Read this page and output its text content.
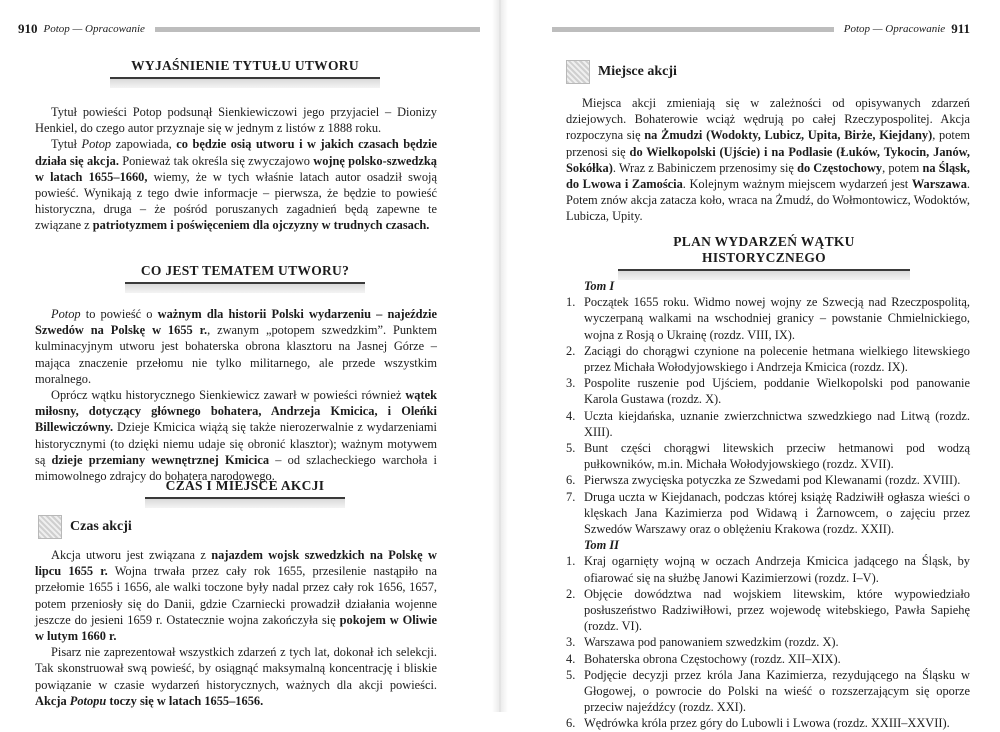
910 Potop — Opracowanie
WYJAŚNIENIE TYTUŁU UTWORU

Tytuł powieści Potop podsunął Sienkiewiczowi jego przyjaciel – Dionizy Henkiel, do czego autor przyznaje się w jednym z listów z 1888 roku.

Tytuł Potop zapowiada, co będzie osią utworu i w jakich czasach będzie działa się akcja. Ponieważ tak określa się zwyczajowo wojnę polsko-szwedzką w latach 1655–1660, wiemy, że w tych właśnie latach autor osadził swoją powieść. Wynikają z tego dwie informacje – pierwsza, że będzie to powieść historyczna, druga – że pośród poruszanych zagadnień będą zapewne te związane z patriotyzmem i poświęceniem dla ojczyzny w trudnych czasach.

CO JEST TEMATEM UTWORU?

Potop to powieść o ważnym dla historii Polski wydarzeniu – najeździe Szwedów na Polskę w 1655 r., zwanym „potopem szwedzkim”. Punktem kulminacyjnym utworu jest bohaterska obrona klasztoru na Jasnej Górze – mająca znaczenie przełomu nie tylko militarnego, ale przede wszystkim moralnego.

Oprócz wątku historycznego Sienkiewicz zawarł w powieści również wątek miłosny, dotyczący głównego bohatera, Andrzeja Kmicica, i Oleńki Billewiczówny. Dzieje Kmicica wiążą się także nierozerwalnie z wydarzeniami historycznymi (to dzięki niemu udaje się obronić klasztor); ważnym motywem są dzieje przemiany wewnętrznej Kmicica – od szlacheckiego warchoła i mimowolnego zdrajcy do bohatera narodowego.

CZAS I MIEJSCE AKCJI
Czas akcji

Akcja utworu jest związana z najazdem wojsk szwedzkich na Polskę w lipcu 1655 r. Wojna trwała przez cały rok 1655, przesilenie nastąpiło na przełomie 1655 i 1656, ale walki toczone były nadal przez cały rok 1656, 1657, potem przeniosły się do Danii, gdzie Czarniecki prowadził działania wojenne jeszcze do jesieni 1659 r. Ostatecznie wojna zakończyła się pokojem w Oliwie w lutym 1660 r.

Pisarz nie zaprezentował wszystkich zdarzeń z tych lat, dokonał ich selekcji. Tak skonstruował swą powieść, by osiągnąć maksymalną koncentrację i bliskie powiązanie w czasie wydarzeń historycznych, ważnych dla akcji powieści. Akcja Potopu toczy się w latach 1655–1656.

Potop — Opracowanie 911
Miejsce akcji

Miejsca akcji zmieniają się w zależności od opisywanych zdarzeń dziejowych. Bohaterowie wciąż wędrują po całej Rzeczypospolitej. Akcja rozpoczyna się na Żmudzi (Wodokty, Lubicz, Upita, Birże, Kiejdany), potem przenosi się do Wielkopolski (Ujście) i na Podlasie (Łuków, Tykocin, Janów, Sokółka). Wraz z Babiniczem przenosimy się do Częstochowy, potem na Śląsk, do Lwowa i Zamościa. Kolejnym ważnym miejscem wydarzeń jest Warszawa. Potem znów akcja zatacza koło, wraca na Żmudź, do Wołmontowicz, Wodoktów, Lubicza, Upity.

PLAN WYDARZEŃ WĄTKU HISTORYCZNEGO

Tom I

1. Początek 1655 roku. Widmo nowej wojny ze Szwecją nad Rzeczpospolitą, wyczerpaną walkami na wschodniej granicy – powstanie Chmielnickiego, wojna z Rosją o Ukrainę (rozdz. VIII, IX).
2. Zaciągi do chorągwi czynione na polecenie hetmana wielkiego litewskiego przez Michała Wołodyjowskiego i Andrzeja Kmicica (rozdz. IX).
3. Pospolite ruszenie pod Ujściem, poddanie Wielkopolski pod panowanie Karola Gustawa (rozdz. X).
4. Uczta kiejdańska, uznanie zwierzchnictwa szwedzkiego nad Litwą (rozdz. XIII).
5. Bunt części chorągwi litewskich przeciw hetmanowi pod wodzą pułkowników, m.in. Michała Wołodyjowskiego (rozdz. XVII).
6. Pierwsza zwycięska potyczka ze Szwedami pod Klewanami (rozdz. XVIII).
7. Druga uczta w Kiejdanach, podczas której książę Radziwiłł ogłasza wieści o klęskach Jana Kazimierza pod Widawą i Żarnowcem, o zajęciu przez Szwedów Warszawy oraz o oblężeniu Krakowa (rozdz. XXII).

Tom II

1. Kraj ogarnięty wojną w oczach Andrzeja Kmicica jadącego na Śląsk, by ofiarować się na służbę Janowi Kazimierzowi (rozdz. I–V).
2. Objęcie dowództwa nad wojskiem litewskim, które wypowiedziało posłuszeństwo Radziwiłłowi, przez wojewodę witebskiego, Pawła Sapiehę (rozdz. VI).
3. Warszawa pod panowaniem szwedzkim (rozdz. X).
4. Bohaterska obrona Częstochowy (rozdz. XII–XIX).
5. Podjęcie decyzji przez króla Jana Kazimierza, rezydującego na Śląsku w Głogowej, o powrocie do Polski na wieść o rozszerzającym się oporze przeciw najeźdźcy (rozdz. XXI).
6. Wędrówka króla przez góry do Lubowli i Lwowa (rozdz. XXIII–XXVII).
